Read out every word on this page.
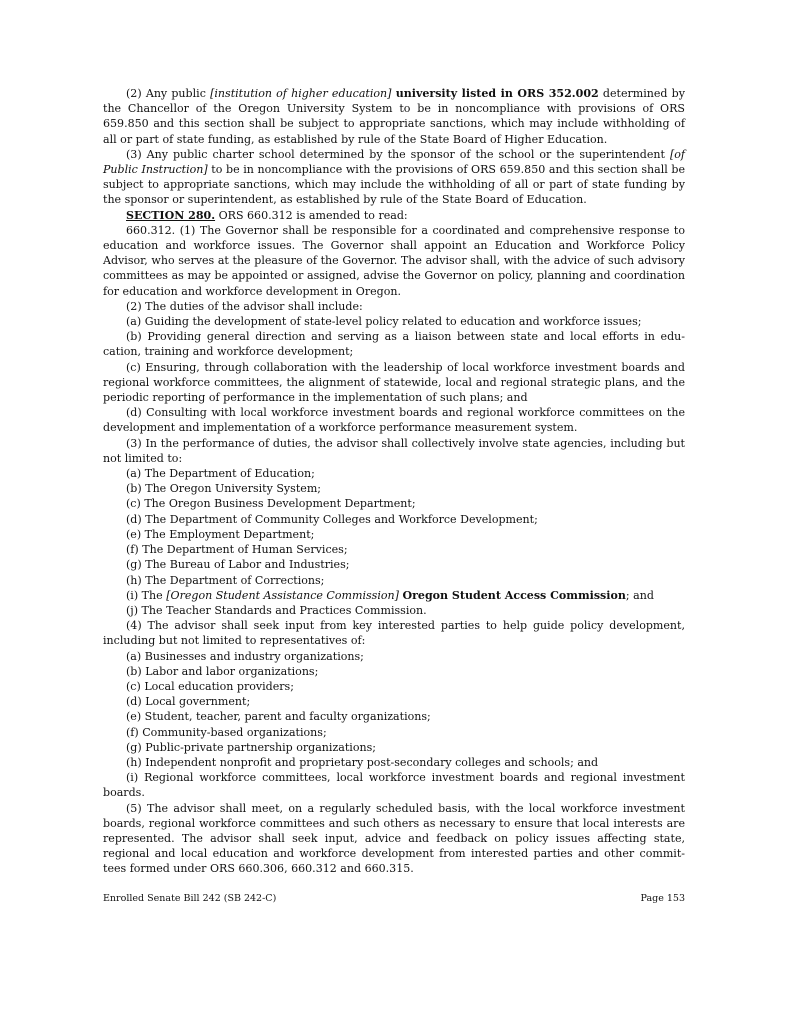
(2) Any public [institution of higher education] university listed in ORS 352.002 determined by the Chancellor of the Oregon University System to be in noncompliance with provisions of ORS 659.850 and this section shall be subject to appropriate sanctions, which may include withholding of all or part of state funding, as established by rule of the State Board of Higher Education.
(3) Any public charter school determined by the sponsor of the school or the superintendent [of Public Instruction] to be in noncompliance with the provisions of ORS 659.850 and this section shall be subject to appropriate sanctions, which may include the withholding of all or part of state funding by the sponsor or superintendent, as established by rule of the State Board of Education.
SECTION 280. ORS 660.312 is amended to read:
660.312. (1) The Governor shall be responsible for a coordinated and comprehensive response to education and workforce issues. The Governor shall appoint an Education and Workforce Policy Advisor, who serves at the pleasure of the Governor. The advisor shall, with the advice of such advisory committees as may be appointed or assigned, advise the Governor on policy, planning and coordination for education and workforce development in Oregon.
(2) The duties of the advisor shall include:
(a) Guiding the development of state-level policy related to education and workforce issues;
(b) Providing general direction and serving as a liaison between state and local efforts in edu-cation, training and workforce development;
(c) Ensuring, through collaboration with the leadership of local workforce investment boards and regional workforce committees, the alignment of statewide, local and regional strategic plans, and the periodic reporting of performance in the implementation of such plans; and
(d) Consulting with local workforce investment boards and regional workforce committees on the development and implementation of a workforce performance measurement system.
(3) In the performance of duties, the advisor shall collectively involve state agencies, including but not limited to:
(a) The Department of Education;
(b) The Oregon University System;
(c) The Oregon Business Development Department;
(d) The Department of Community Colleges and Workforce Development;
(e) The Employment Department;
(f) The Department of Human Services;
(g) The Bureau of Labor and Industries;
(h) The Department of Corrections;
(i) The [Oregon Student Assistance Commission] Oregon Student Access Commission; and
(j) The Teacher Standards and Practices Commission.
(4) The advisor shall seek input from key interested parties to help guide policy development, including but not limited to representatives of:
(a) Businesses and industry organizations;
(b) Labor and labor organizations;
(c) Local education providers;
(d) Local government;
(e) Student, teacher, parent and faculty organizations;
(f) Community-based organizations;
(g) Public-private partnership organizations;
(h) Independent nonprofit and proprietary post-secondary colleges and schools; and
(i) Regional workforce committees, local workforce investment boards and regional investment boards.
(5) The advisor shall meet, on a regularly scheduled basis, with the local workforce investment boards, regional workforce committees and such others as necessary to ensure that local interests are represented. The advisor shall seek input, advice and feedback on policy issues affecting state, regional and local education and workforce development from interested parties and other commit-tees formed under ORS 660.306, 660.312 and 660.315.
Enrolled Senate Bill 242 (SB 242-C)	Page 153
